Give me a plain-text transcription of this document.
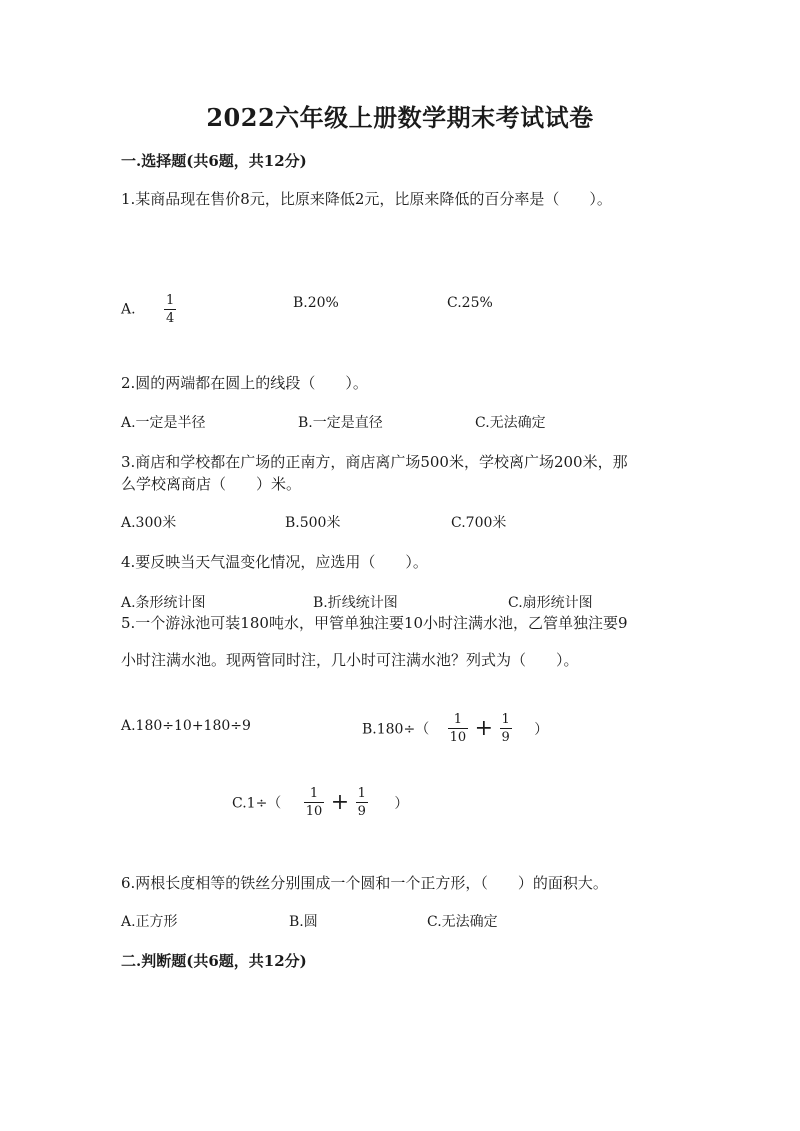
2022六年级上册数学期末考试试卷
一.选择题(共6题，共12分)
1.某商品现在售价8元，比原来降低2元，比原来降低的百分率是（　　）。
A. $\frac{1}{4}$	B.20%	C.25%
2.圆的两端都在圆上的线段（　　）。
A.一定是半径	B.一定是直径	C.无法确定
3.商店和学校都在广场的正南方，商店离广场500米，学校离广场200米，那
么学校离商店（　　）米。
A.300米	B.500米	C.700米
4.要反映当天气温变化情况，应选用（　　）。
A.条形统计图	B.折线统计图	C.扇形统计图
5.一个游泳池可装180吨水，甲管单独注要10小时注满水池，乙管单独注要9
小时注满水池。现两管同时注，几小时可注满水池？列式为（　　）。
A.180÷10+180÷9	$B.180\div( \frac{1}{10} + \frac{1}{9}$ ）
$C.1\div( \frac{1}{10} + \frac{1}{9}$ ）
6.两根长度相等的铁丝分别围成一个圆和一个正方形，（　　）的面积大。
A.正方形	B.圆	C.无法确定
二.判断题(共6题，共12分)
